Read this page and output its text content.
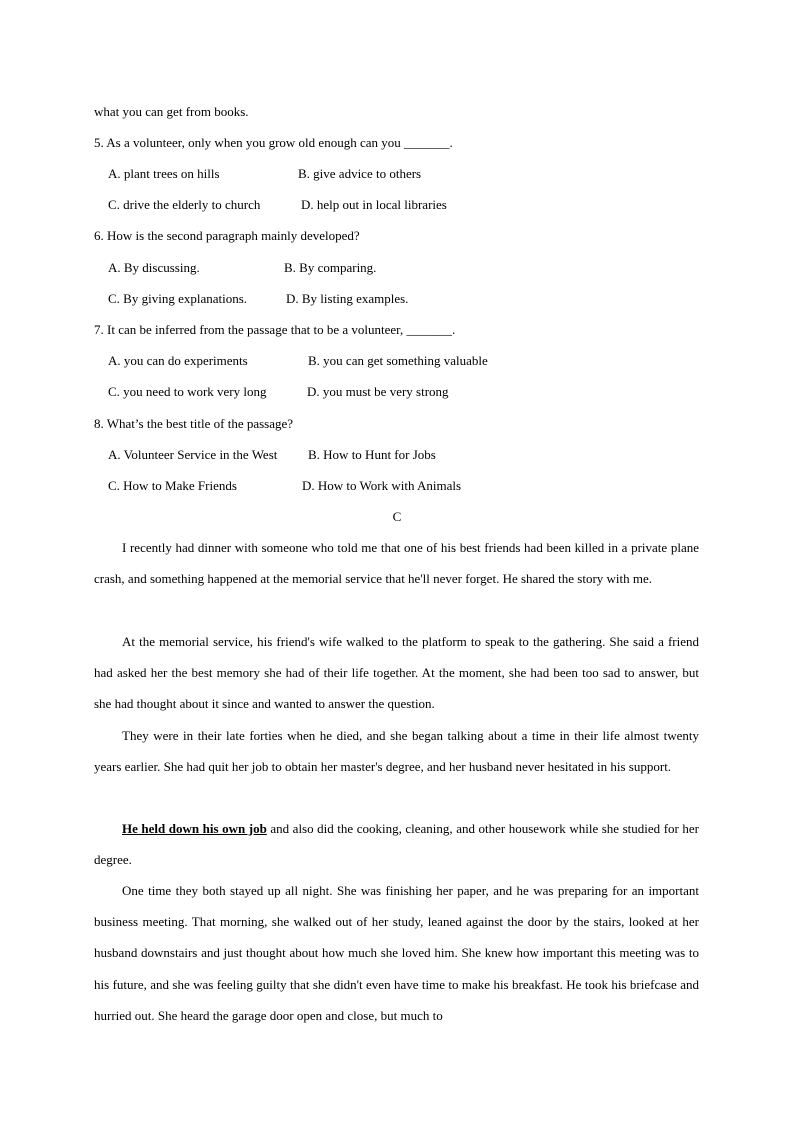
what you can get from books.
5. As a volunteer, only when you grow old enough can you _______.
A. plant trees on hills	B. give advice to others
C. drive the elderly to church	D. help out in local libraries
6. How is the second paragraph mainly developed?
A. By discussing.	B. By comparing.
C. By giving explanations.	D. By listing examples.
7. It can be inferred from the passage that to be a volunteer, _______.
A. you can do experiments	B. you can get something valuable
C. you need to work very long	D. you must be very strong
8. What’s the best title of the passage?
A. Volunteer Service in the West B. How to Hunt for Jobs
C. How to Make Friends	D. How to Work with Animals
C

I recently had dinner with someone who told me that one of his best friends had been killed in a private plane crash, and something happened at the memorial service that he'll never forget. He shared the story with me.

At the memorial service, his friend's wife walked to the platform to speak to the gathering. She said a friend had asked her the best memory she had of their life together. At the moment, she had been too sad to answer, but she had thought about it since and wanted to answer the question.

They were in their late forties when he died, and she began talking about a time in their life almost twenty years earlier. She had quit her job to obtain her master's degree, and her husband never hesitated in his support.

He held down his own job and also did the cooking, cleaning, and other housework while she studied for her degree.

One time they both stayed up all night. She was finishing her paper, and he was preparing for an important business meeting. That morning, she walked out of her study, leaned against the door by the stairs, looked at her husband downstairs and just thought about how much she loved him. She knew how important this meeting was to his future, and she was feeling guilty that she didn't even have time to make his breakfast. He took his briefcase and hurried out. She heard the garage door open and close, but much to
